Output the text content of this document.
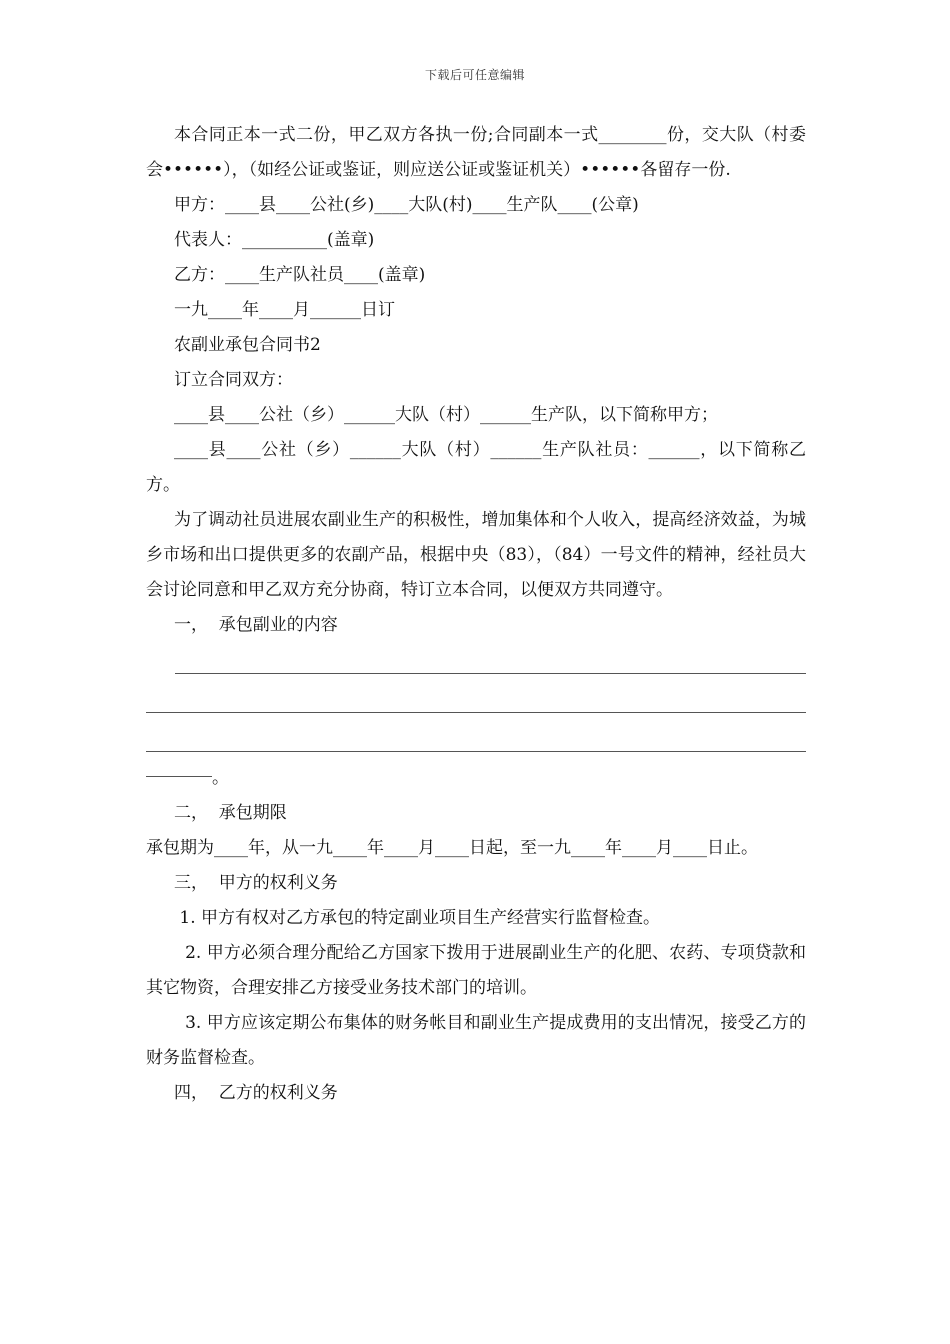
下载后可任意编辑

本合同正本一式二份，甲乙双方各执一份;合同副本一式________份，交大队（村委会••••••），（如经公证或鉴证，则应送公证或鉴证机关）••••••各留存一份.

甲方：____县____公社(乡)____大队(村)____生产队____(公章)

代表人：__________(盖章)

乙方：____生产队社员____(盖章)

一九____年____月______日订

农副业承包合同书2

订立合同双方：

____县____公社（乡）______大队（村）______生产队，以下简称甲方；

____县____公社（乡）______大队（村）______生产队社员：______，以下简称乙方。

为了调动社员进展农副业生产的积极性，增加集体和个人收入，提高经济效益，为城乡市场和出口提供更多的农副产品，根据中央（83），（84）一号文件的精神，经社员大会讨论同意和甲乙双方充分协商，特订立本合同，以便双方共同遵守。

一，  承包副业的内容

。

二，  承包期限

承包期为____年，从一九____年____月____日起，至一九____年____月____日止。

三，  甲方的权利义务

1. 甲方有权对乙方承包的特定副业项目生产经营实行监督检查。

2. 甲方必须合理分配给乙方国家下拨用于进展副业生产的化肥、农药、专项贷款和其它物资，合理安排乙方接受业务技术部门的培训。

3. 甲方应该定期公布集体的财务帐目和副业生产提成费用的支出情况，接受乙方的财务监督检查。

四，  乙方的权利义务
